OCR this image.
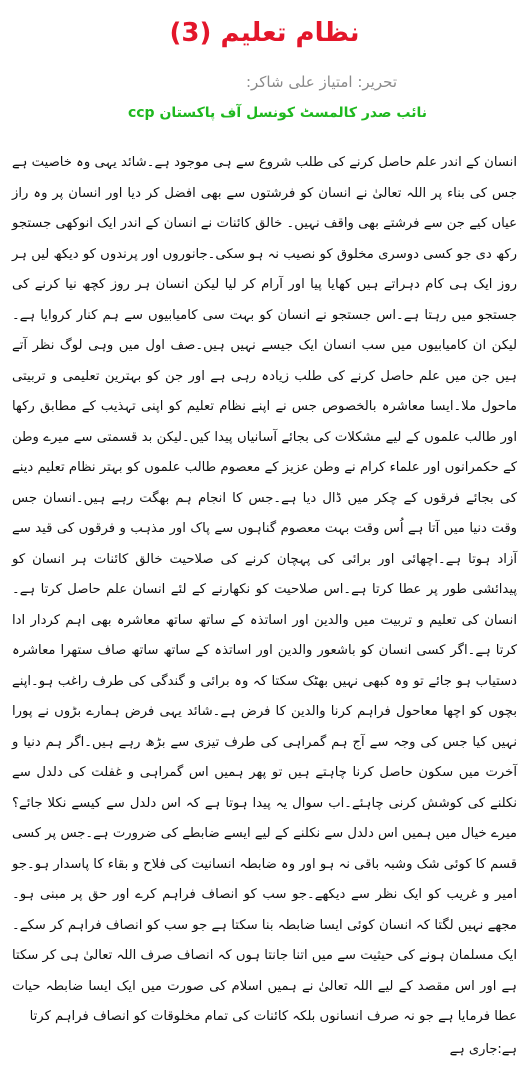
نظام تعلیم (3)
تحریر: امتیاز علی شاکر:
نائب صدر کالمسٹ کونسل آف پاکستان ccp

انسان کے اندر علم حاصل کرنے کی طلب شروع سے ہی موجود ہے۔شائد یہی وہ خاصیت ہے جس کی بناء پر اللہ تعالیٰ نے انسان کو فرشتوں سے بھی افضل کر دیا اور انسان پر وہ راز عیاں کیے جن سے فرشتے بھی واقف نہیں۔ خالق کائنات نے انسان کے اندر ایک انوکھی جستجو رکھ دی جو کسی دوسری مخلوق کو نصیب نہ ہو سکی۔جانوروں اور پرندوں کو دیکھ لیں ہر روز ایک ہی کام دہراتے ہیں کھایا پیا اور آرام کر لیا لیکن انسان ہر روز کچھ نیا کرنے کی جستجو میں رہتا ہے۔اس جستجو نے انسان کو بہت سی کامیابیوں سے ہم کنار کروایا ہے۔لیکن ان کامیابیوں میں سب انسان ایک جیسے نہیں ہیں۔صف اول میں وہی لوگ نظر آتے ہیں جن میں علم حاصل کرنے کی طلب زیادہ رہی ہے اور جن کو بہترین تعلیمی و تربیتی ماحول ملا۔ایسا معاشرہ بالخصوص جس نے اپنے نظام تعلیم کو اپنی تہذیب کے مطابق رکھا اور طالب علموں کے لیے مشکلات کی بجائے آسانیاں پیدا کیں۔لیکن بد قسمتی سے میرے وطن کے حکمرانوں اور علماء کرام نے وطن عزیز کے معصوم طالب علموں کو بہتر نظام تعلیم دینے کی بجائے فرقوں کے چکر میں ڈال دیا ہے۔جس کا انجام ہم بھگت رہے ہیں۔انسان جس وقت دنیا میں آتا ہے اُس وقت بہت معصوم گناہوں سے پاک اور مذہب و فرقوں کی قید سے آزاد ہوتا ہے۔اچھائی اور برائی کی پہچان کرنے کی صلاحیت خالق کائنات ہر انسان کو پیدائشی طور پر عطا کرتا ہے۔اس صلاحیت کو نکھارنے کے لئے انسان علم حاصل کرتا ہے۔انسان کی تعلیم و تربیت میں والدین اور اساتذہ کے ساتھ ساتھ معاشرہ بھی اہم کردار ادا کرتا ہے۔اگر کسی انسان کو باشعور والدین اور اساتذہ کے ساتھ ساتھ صاف ستھرا معاشرہ دستیاب ہو جائے تو وہ کبھی نہیں بھٹک سکتا کہ وہ برائی و گندگی کی طرف راغب ہو۔اپنے بچوں کو اچھا معاحول فراہم کرنا والدین کا فرض ہے۔شائد یہی فرض ہمارے بڑوں نے پورا نہیں کیا جس کی وجہ سے آج ہم گمراہی کی طرف تیزی سے بڑھ رہے ہیں۔اگر ہم دنیا و آخرت میں سکون حاصل کرنا چاہتے ہیں تو پھر ہمیں اس گمراہی و غفلت کی دلدل سے نکلنے کی کوشش کرنی چاہئے۔اب سوال یہ پیدا ہوتا ہے کہ اس دلدل سے کیسے نکلا جائے؟میرے خیال میں ہمیں اس دلدل سے نکلنے کے لیے ایسے ضابطے کی ضرورت ہے۔جس پر کسی قسم کا کوئی شک وشبہ باقی نہ ہو اور وہ ضابطہ انسانیت کی فلاح و بقاء کا پاسدار ہو۔جو امیر و غریب کو ایک نظر سے دیکھے۔جو سب کو انصاف فراہم کرے اور حق پر مبنی ہو۔مجھے نہیں لگتا کہ انسان کوئی ایسا ضابطہ بنا سکتا ہے جو سب کو انصاف فراہم کر سکے۔ایک مسلمان ہونے کی حیثیت سے میں اتنا جانتا ہوں کہ انصاف صرف اللہ تعالیٰ ہی کر سکتا ہے اور اس مقصد کے لیے اللہ تعالیٰ نے ہمیں اسلام کی صورت میں ایک ایسا ضابطہ حیات عطا فرمایا ہے جو نہ صرف انسانوں بلکہ کائنات کی تمام مخلوقات کو انصاف فراہم کرتا

ہے:جاری ہے
